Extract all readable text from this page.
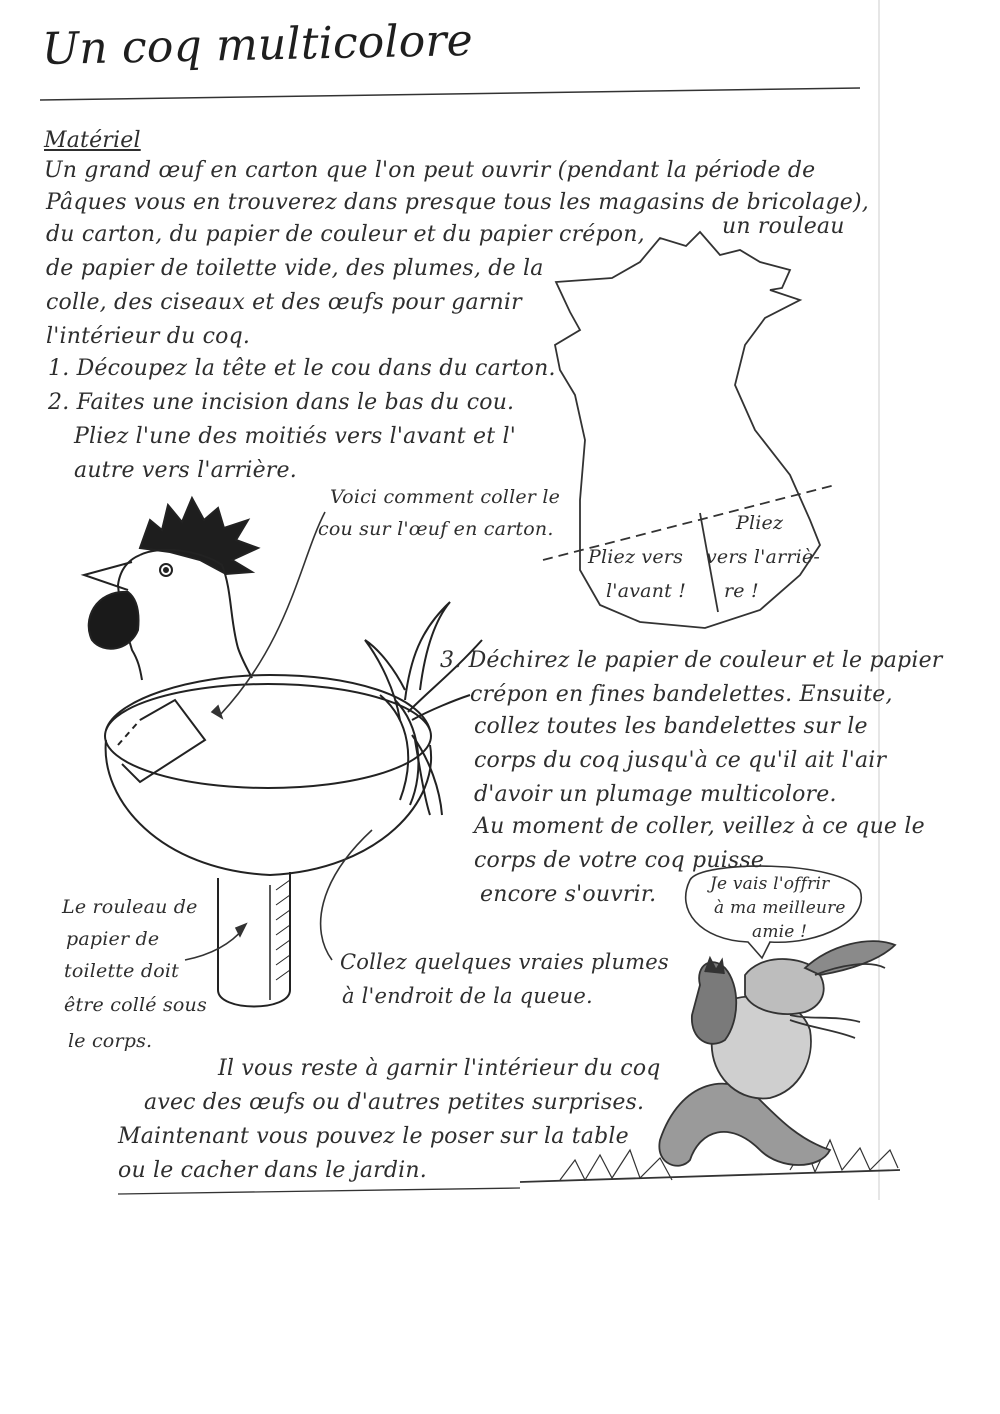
Un coq multicolore
Matériel
Un grand œuf en carton que l'on peut ouvrir (pendant la période de
Pâques vous en trouverez dans presque tous les magasins de bricolage),
du carton, du papier de couleur et du papier crépon,	un rouleau
de papier de toilette vide, des plumes, de la
colle, des ciseaux et des œufs pour garnir
l'intérieur du coq.
1. Découpez la tête et le cou dans du carton.
2. Faites une incision dans le bas du cou.
Pliez l'une des moitiés vers l'avant et l'
autre vers l'arrière.
Pliez vers
l'avant !
Pliez
vers l'arriè-
re !
Voici comment coller le
cou sur l'œuf en carton.
3. Déchirez le papier de couleur et le papier
crépon en fines bandelettes. Ensuite,
collez toutes les bandelettes sur le
corps du coq jusqu'à ce qu'il ait l'air
d'avoir un plumage multicolore.
Au moment de coller, veillez à ce que le
corps de votre coq puisse
encore s'ouvrir.	Je vais l'offrir
à ma meilleure
amie !
Le rouleau de
papier de
toilette doit
être collé sous
le corps.
Collez quelques vraies plumes
à l'endroit de la queue.
Il vous reste à garnir l'intérieur du coq
avec des œufs ou d'autres petites surprises.
Maintenant vous pouvez le poser sur la table
ou le cacher dans le jardin.
